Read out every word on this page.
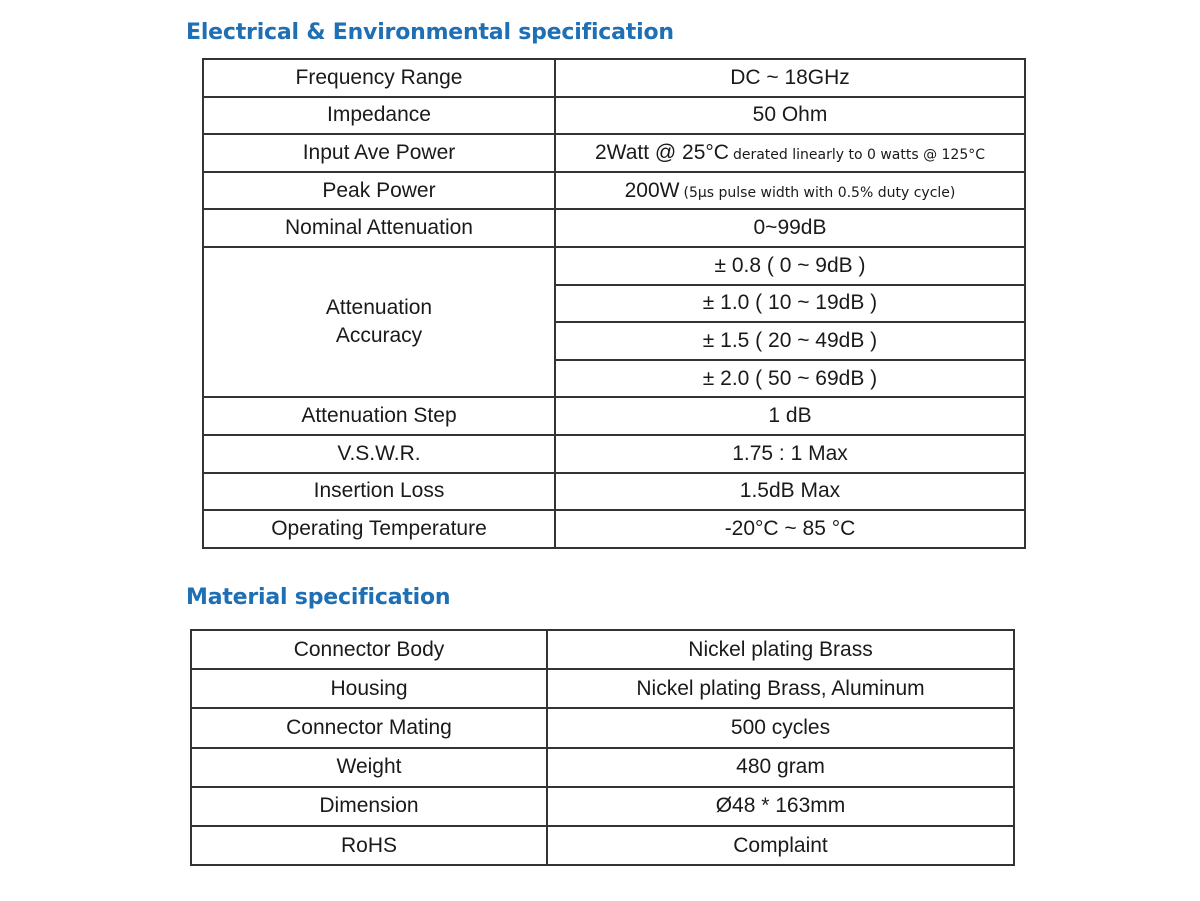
Electrical & Environmental specification
Frequency Range	DC ~ 18GHz
Impedance	50 Ohm
Input Ave Power	2Watt @ 25°C derated linearly to 0 watts @ 125°C
Peak Power	200W (5μs pulse width with 0.5% duty cycle)
Nominal Attenuation	0~99dB
Attenuation
Accuracy	± 0.8 ( 0 ~ 9dB )
	± 1.0 ( 10 ~ 19dB )
	± 1.5 ( 20 ~ 49dB )
	± 2.0 ( 50 ~ 69dB )
Attenuation Step	1 dB
V.S.W.R.	1.75 : 1 Max
Insertion Loss	1.5dB Max
Operating Temperature	-20°C ~ 85 °C
Material specification
Connector Body	Nickel plating Brass
Housing	Nickel plating Brass, Aluminum
Connector Mating	500 cycles
Weight	480 gram
Dimension	Ø48 * 163mm
RoHS	Complaint
